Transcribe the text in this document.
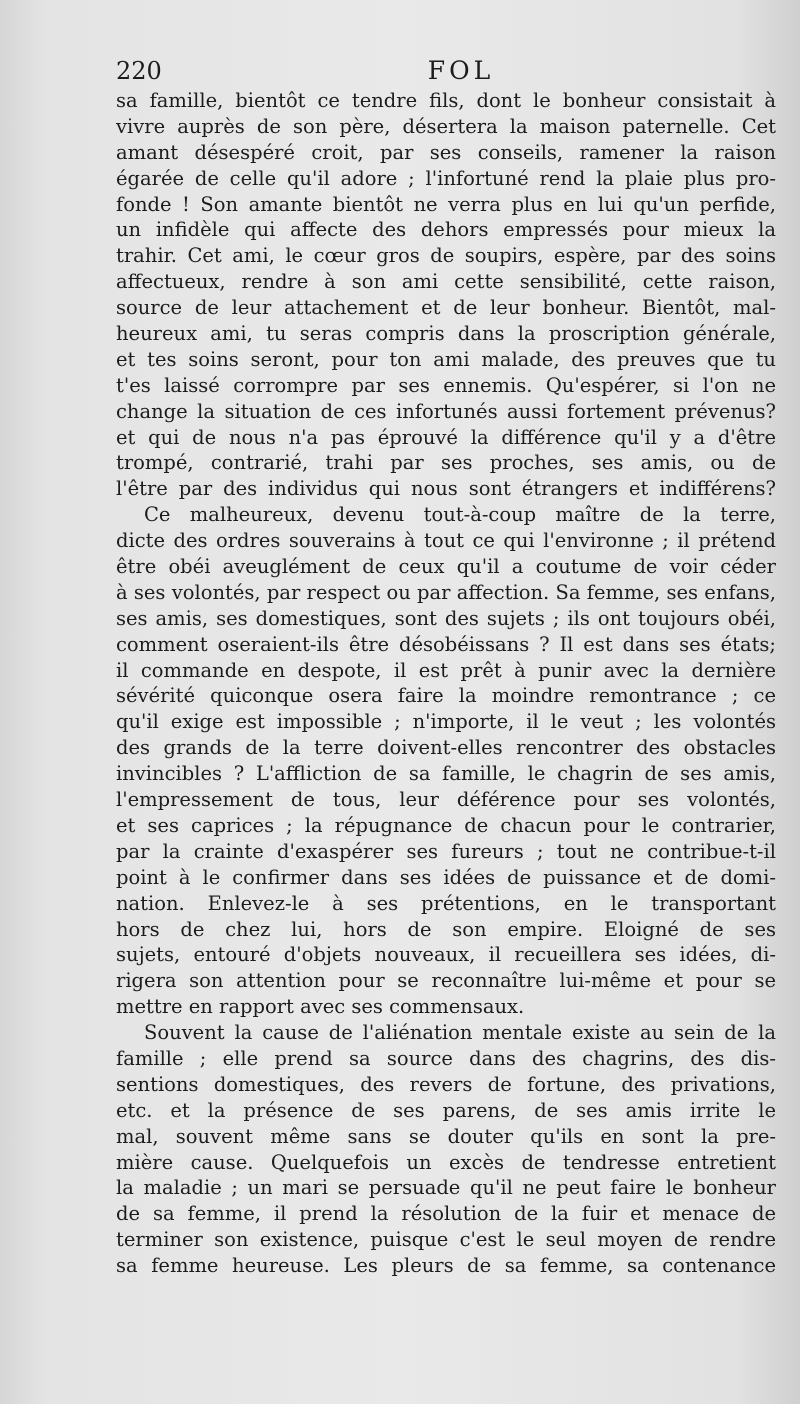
220	FOL
sa famille, bientôt ce tendre fils, dont le bonheur consistait à
vivre auprès de son père, désertera la maison paternelle. Cet
amant désespéré croit, par ses conseils, ramener la raison
égarée de celle qu'il adore ; l'infortuné rend la plaie plus pro-
fonde ! Son amante bientôt ne verra plus en lui qu'un perfide,
un infidèle qui affecte des dehors empressés pour mieux la
trahir. Cet ami, le cœur gros de soupirs, espère, par des soins
affectueux, rendre à son ami cette sensibilité, cette raison,
source de leur attachement et de leur bonheur. Bientôt, mal-
heureux ami, tu seras compris dans la proscription générale,
et tes soins seront, pour ton ami malade, des preuves que tu
t'es laissé corrompre par ses ennemis. Qu'espérer, si l'on ne
change la situation de ces infortunés aussi fortement prévenus?
et qui de nous n'a pas éprouvé la différence qu'il y a d'être
trompé, contrarié, trahi par ses proches, ses amis, ou de
l'être par des individus qui nous sont étrangers et indifférens?
Ce malheureux, devenu tout-à-coup maître de la terre,
dicte des ordres souverains à tout ce qui l'environne ; il prétend
être obéi aveuglément de ceux qu'il a coutume de voir céder
à ses volontés, par respect ou par affection. Sa femme, ses enfans,
ses amis, ses domestiques, sont des sujets ; ils ont toujours obéi,
comment oseraient-ils être désobéissans ? Il est dans ses états;
il commande en despote, il est prêt à punir avec la dernière
sévérité quiconque osera faire la moindre remontrance ; ce
qu'il exige est impossible ; n'importe, il le veut ; les volontés
des grands de la terre doivent-elles rencontrer des obstacles
invincibles ? L'affliction de sa famille, le chagrin de ses amis,
l'empressement de tous, leur déférence pour ses volontés,
et ses caprices ; la répugnance de chacun pour le contrarier,
par la crainte d'exaspérer ses fureurs ; tout ne contribue-t-il
point à le confirmer dans ses idées de puissance et de domi-
nation. Enlevez-le à ses prétentions, en le transportant
hors de chez lui, hors de son empire. Eloigné de ses
sujets, entouré d'objets nouveaux, il recueillera ses idées, di-
rigera son attention pour se reconnaître lui-même et pour se
mettre en rapport avec ses commensaux.
Souvent la cause de l'aliénation mentale existe au sein de la
famille ; elle prend sa source dans des chagrins, des dis-
sentions domestiques, des revers de fortune, des privations,
etc. et la présence de ses parens, de ses amis irrite le
mal, souvent même sans se douter qu'ils en sont la pre-
mière cause. Quelquefois un excès de tendresse entretient
la maladie ; un mari se persuade qu'il ne peut faire le bonheur
de sa femme, il prend la résolution de la fuir et menace de
terminer son existence, puisque c'est le seul moyen de rendre
sa femme heureuse. Les pleurs de sa femme, sa contenance
